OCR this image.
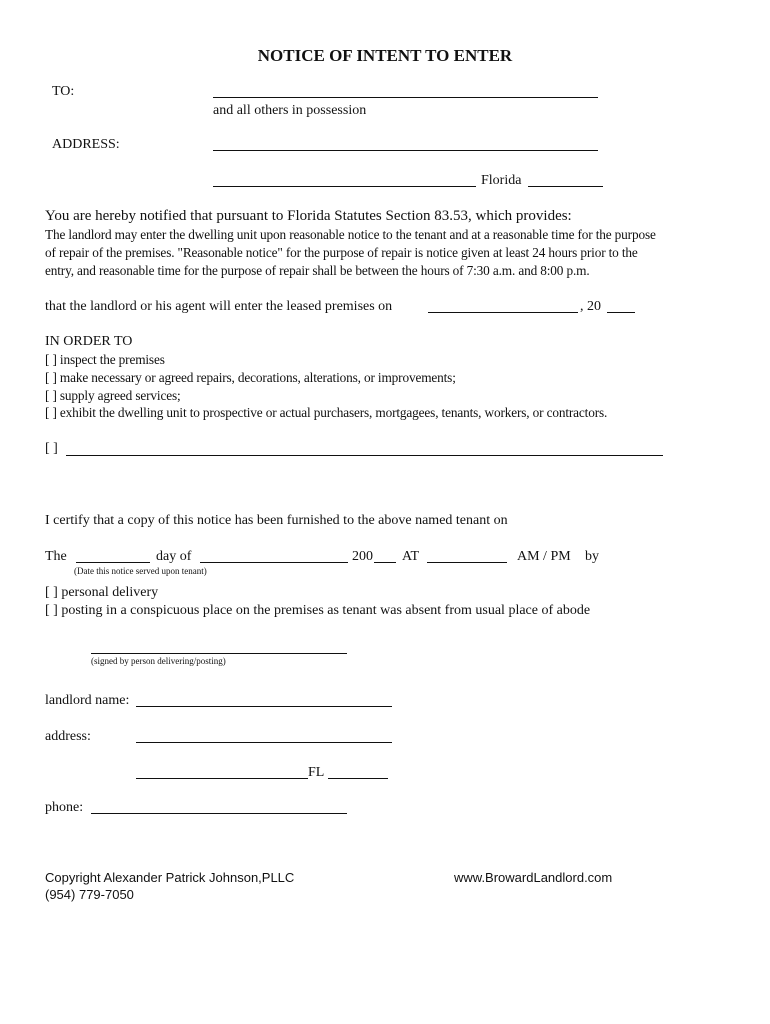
NOTICE OF INTENT TO ENTER
TO:
and all others in possession
ADDRESS:
Florida
You are hereby notified that pursuant to Florida Statutes Section 83.53, which provides:
The landlord may enter the dwelling unit upon reasonable notice to the tenant and at a reasonable time for the purpose
of repair of the premises. "Reasonable notice" for the purpose of repair is notice given at least 24 hours prior to the
entry, and reasonable time for the purpose of repair shall be between the hours of 7:30 a.m. and 8:00 p.m.
that the landlord or his agent will enter the leased premises on	, 20
IN ORDER TO
[ ] inspect the premises
[ ] make necessary or agreed repairs, decorations, alterations, or improvements;
[ ] supply agreed services;
[ ] exhibit the dwelling unit to prospective or actual purchasers, mortgagees, tenants, workers, or contractors.
[ ]
I certify that a copy of this notice has been furnished to the above named tenant on
The	day of	200 AT	AM / PM by
(Date this notice served upon tenant)
[ ] personal delivery
[ ] posting in a conspicuous place on the premises as tenant was absent from usual place of abode
(signed by person delivering/posting)
landlord name:
address:
FL
phone:
Copyright Alexander Patrick Johnson,PLLC
(954) 779-7050
www.BrowardLandlord.com
